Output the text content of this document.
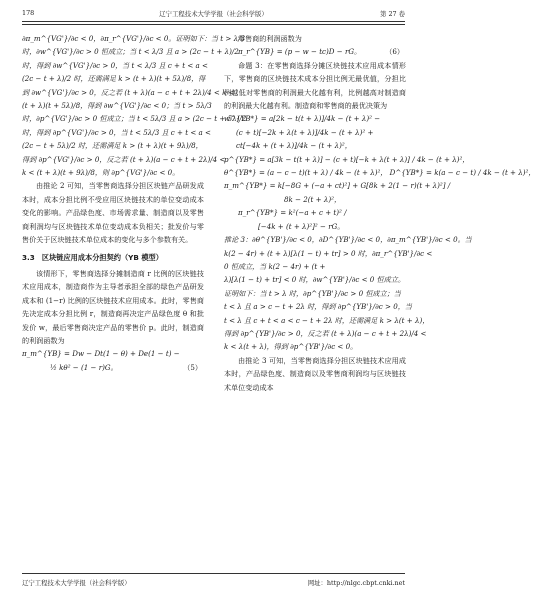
178	辽宁工程技术大学学报（社会科学版）	第 27 卷
∂π_m^{VG'}/∂c < 0，∂π_r^{VG'}/∂c < 0。证明如下：当 t > λ/3
时，∂w^{VG'}/∂c > 0 恒成立；当 t < λ/3 且 a > (2c − t + λ)/2
时，得到 ∂w^{VG'}/∂c > 0，当 t < λ/3 且 c + t < a <
(2c − t + λ)/2 时，还需满足 k > (t + λ)(t + 5λ)/8，得
到 ∂w^{VG'}/∂c > 0，反之若 (t + λ)(a − c + t + 2λ)/4 < k <
(t + λ)(t + 5λ)/8，得到 ∂w^{VG'}/∂c < 0；当 t > 5λ/3
时，∂p^{VG'}/∂c > 0 恒成立；当 t < 5λ/3 且 a > (2c − t + 5λ)/2
时，得到 ∂p^{VG'}/∂c > 0，当 t < 5λ/3 且 c + t < a <
(2c − t + 5λ)/2 时，还需满足 k > (t + λ)(t + 9λ)/8，
得到 ∂p^{VG'}/∂c > 0，反之若 (t + λ)(a − c + t + 2λ)/4 <
k < (t + λ)(t + 9λ)/8，则 ∂p^{VG'}/∂c < 0。

由推论 2 可知，当零售商选择分担区块链产品研发成本时，成本分担比例不受应用区块链技术的单位变动成本变化的影响。产品绿色度、市场需求量、制造商以及零售商利润均与区块链技术单位变动成本负相关；批发价与零售价关于区块链技术单位成本的变化与多个参数有关。

3.3　区块链应用成本分担契约（YB 模型）

该情形下，零售商选择分摊制造商 r 比例的区块链技术应用成本，制造商作为主导者承担全部的绿色产品研发成本和 (1−r) 比例的区块链技术应用成本。此时，零售商先决定成本分担比例 r，制造商再决定产品绿色度 θ 和批发价 w，最后零售商决定产品的零售价 p。此时，制造商的利润函数为

π_m^{YB} = Dw − Dt(1 − θ) + De(1 − t) −
½ kθ² − (1 − r)G。	（5）

零售商的利润函数为

π_r^{YB} = (p − w − tc)D − rG。	（6）

命题 3：在零售商选择分摊区块链技术应用成本情形下，零售商的区块链技术成本分担比例无最优值，分担比例越低对零售商的利润最大化越有利，比例越高对制造商的利润最大化越有利。制造商和零售商的最优决策为

w^{YB*} = a[2k − t(t + λ)]/4k − (t + λ)² −
(c + t)[−2k + λ(t + λ)]/4k − (t + λ)² +
ct[−4k + (t + λ)]/4k − (t + λ)²，
p^{YB*} = a[3k − t(t + λ)] − (c + t)[−k + λ(t + λ)] / 4k − (t + λ)²，
θ^{YB*} = (a − c − t)(t + λ) / 4k − (t + λ)²， D^{YB*} = k(a − c − t) / 4k − (t + λ)²，
π_m^{YB*} = k[−8G + (−a + ct)²] + G[8k + 2(1 − r)(t + λ)²] /
8k − 2(t + λ)²，
π_r^{YB*} = k²(−a + c + t)² /
[−4k + (t + λ)²]² − rG。
推论 3：∂θ^{YB'}/∂c < 0，∂D^{YB'}/∂c < 0，∂π_m^{YB'}/∂c < 0。当
k(2 − 4r) + (t + λ)[λ(1 − t) + tr] > 0 时，∂π_r^{YB'}/∂c <
0 恒成立，当 k(2 − 4r) + (t +
λ)[λ(1 − t) + tr] < 0 时，∂w^{YB'}/∂c < 0 恒成立。
证明如下：当 t > λ 时，∂p^{YB'}/∂c > 0 恒成立；当
t < λ 且 a > c − t + 2λ 时，得到 ∂p^{YB'}/∂c > 0，当
t < λ 且 c + t < a < c − t + 2λ 时，还需满足 k > λ(t + λ)，
得到 ∂p^{YB'}/∂c > 0，反之若 (t + λ)(a − c + t + 2λ)/4 <
k < λ(t + λ)，得到 ∂p^{YB'}/∂c < 0。

由推论 3 可知，当零售商选择分担区块链技术应用成本时，产品绿色度、制造商以及零售商利润均与区块链技术单位变动成本

辽宁工程技术大学学报（社会科学版）	网址：http://nlgc.cbpt.cnki.net
